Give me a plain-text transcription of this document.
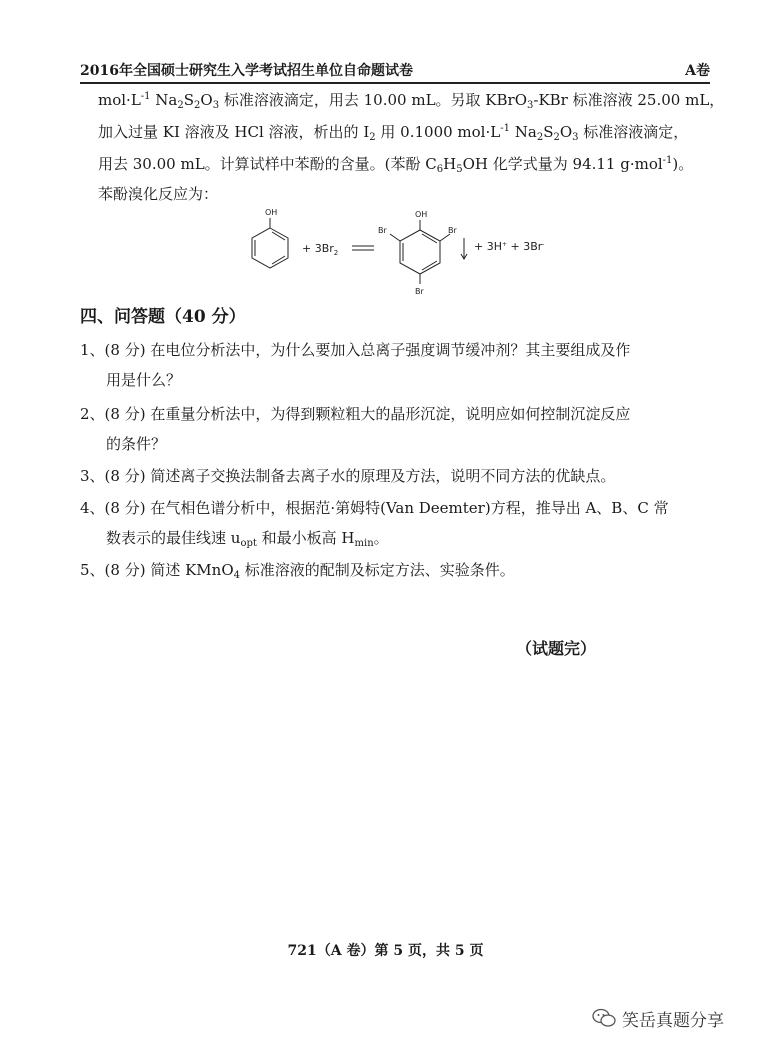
2016年全国硕士研究生入学考试招生单位自命题试卷	A卷
$mol\cdot L^{-1}$ $Na_2S_2O_3$ 标准溶液滴定，用去 10.00 mL。另取 KBrO$_3$-KBr 标准溶液 25.00 mL，
加入过量 KI 溶液及 HCl 溶液，析出的 $I_2$ 用 0.1000 $mol\cdot L^{-1}$ $Na_2S_2O_3$ 标准溶液滴定，
用去 30.00 mL。计算试样中苯酚的含量。(苯酚 $C_6H_5OH$ 化学式量为 94.11 g·mol$^{-1}$)。
苯酚溴化反应为：
OH
+ $3Br_2$
OH
Br	Br
Br
+ 3H+ + 3Br-
四、问答题（40 分）
1、(8 分) 在电位分析法中，为什么要加入总离子强度调节缓冲剂？其主要组成及作
用是什么？
2、(8 分) 在重量分析法中，为得到颗粒粗大的晶形沉淀，说明应如何控制沉淀反应
的条件？
3、(8 分) 简述离子交换法制备去离子水的原理及方法，说明不同方法的优缺点。
4、(8 分) 在气相色谱分析中，根据范·第姆特(Van Deemter)方程，推导出 A、B、C 常
数表示的最佳线速 $u_{opt}$ 和最小板高 $H_{min}$。
5、(8 分) 简述 KMnO$_4$ 标准溶液的配制及标定方法、实验条件。
（试题完）
721（A 卷）第 5 页，共 5 页
笑岳真题分享
